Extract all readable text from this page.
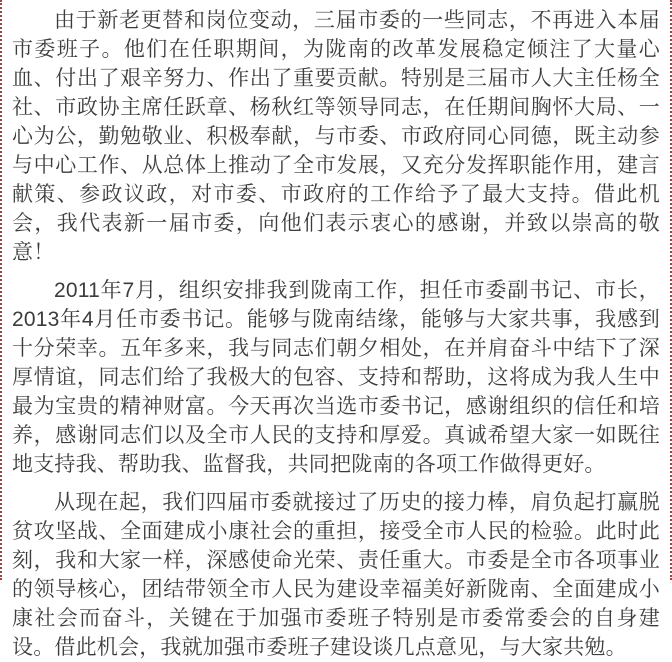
由于新老更替和岗位变动，三届市委的一些同志，不再进入本届市委班子。他们在任职期间，为陇南的改革发展稳定倾注了大量心血、付出了艰辛努力、作出了重要贡献。特别是三届市人大主任杨全社、市政协主席任跃章、杨秋红等领导同志，在任期间胸怀大局、一心为公，勤勉敬业、积极奉献，与市委、市政府同心同德，既主动参与中心工作、从总体上推动了全市发展，又充分发挥职能作用，建言献策、参政议政，对市委、市政府的工作给予了最大支持。借此机会，我代表新一届市委，向他们表示衷心的感谢，并致以崇高的敬意！

2011年7月，组织安排我到陇南工作，担任市委副书记、市长，2013年4月任市委书记。能够与陇南结缘，能够与大家共事，我感到十分荣幸。五年多来，我与同志们朝夕相处，在并肩奋斗中结下了深厚情谊，同志们给了我极大的包容、支持和帮助，这将成为我人生中最为宝贵的精神财富。今天再次当选市委书记，感谢组织的信任和培养，感谢同志们以及全市人民的支持和厚爱。真诚希望大家一如既往地支持我、帮助我、监督我，共同把陇南的各项工作做得更好。

从现在起，我们四届市委就接过了历史的接力棒，肩负起打赢脱贫攻坚战、全面建成小康社会的重担，接受全市人民的检验。此时此刻，我和大家一样，深感使命光荣、责任重大。市委是全市各项事业的领导核心，团结带领全市人民为建设幸福美好新陇南、全面建成小康社会而奋斗，关键在于加强市委班子特别是市委常委会的自身建设。借此机会，我就加强市委班子建设谈几点意见，与大家共勉。
